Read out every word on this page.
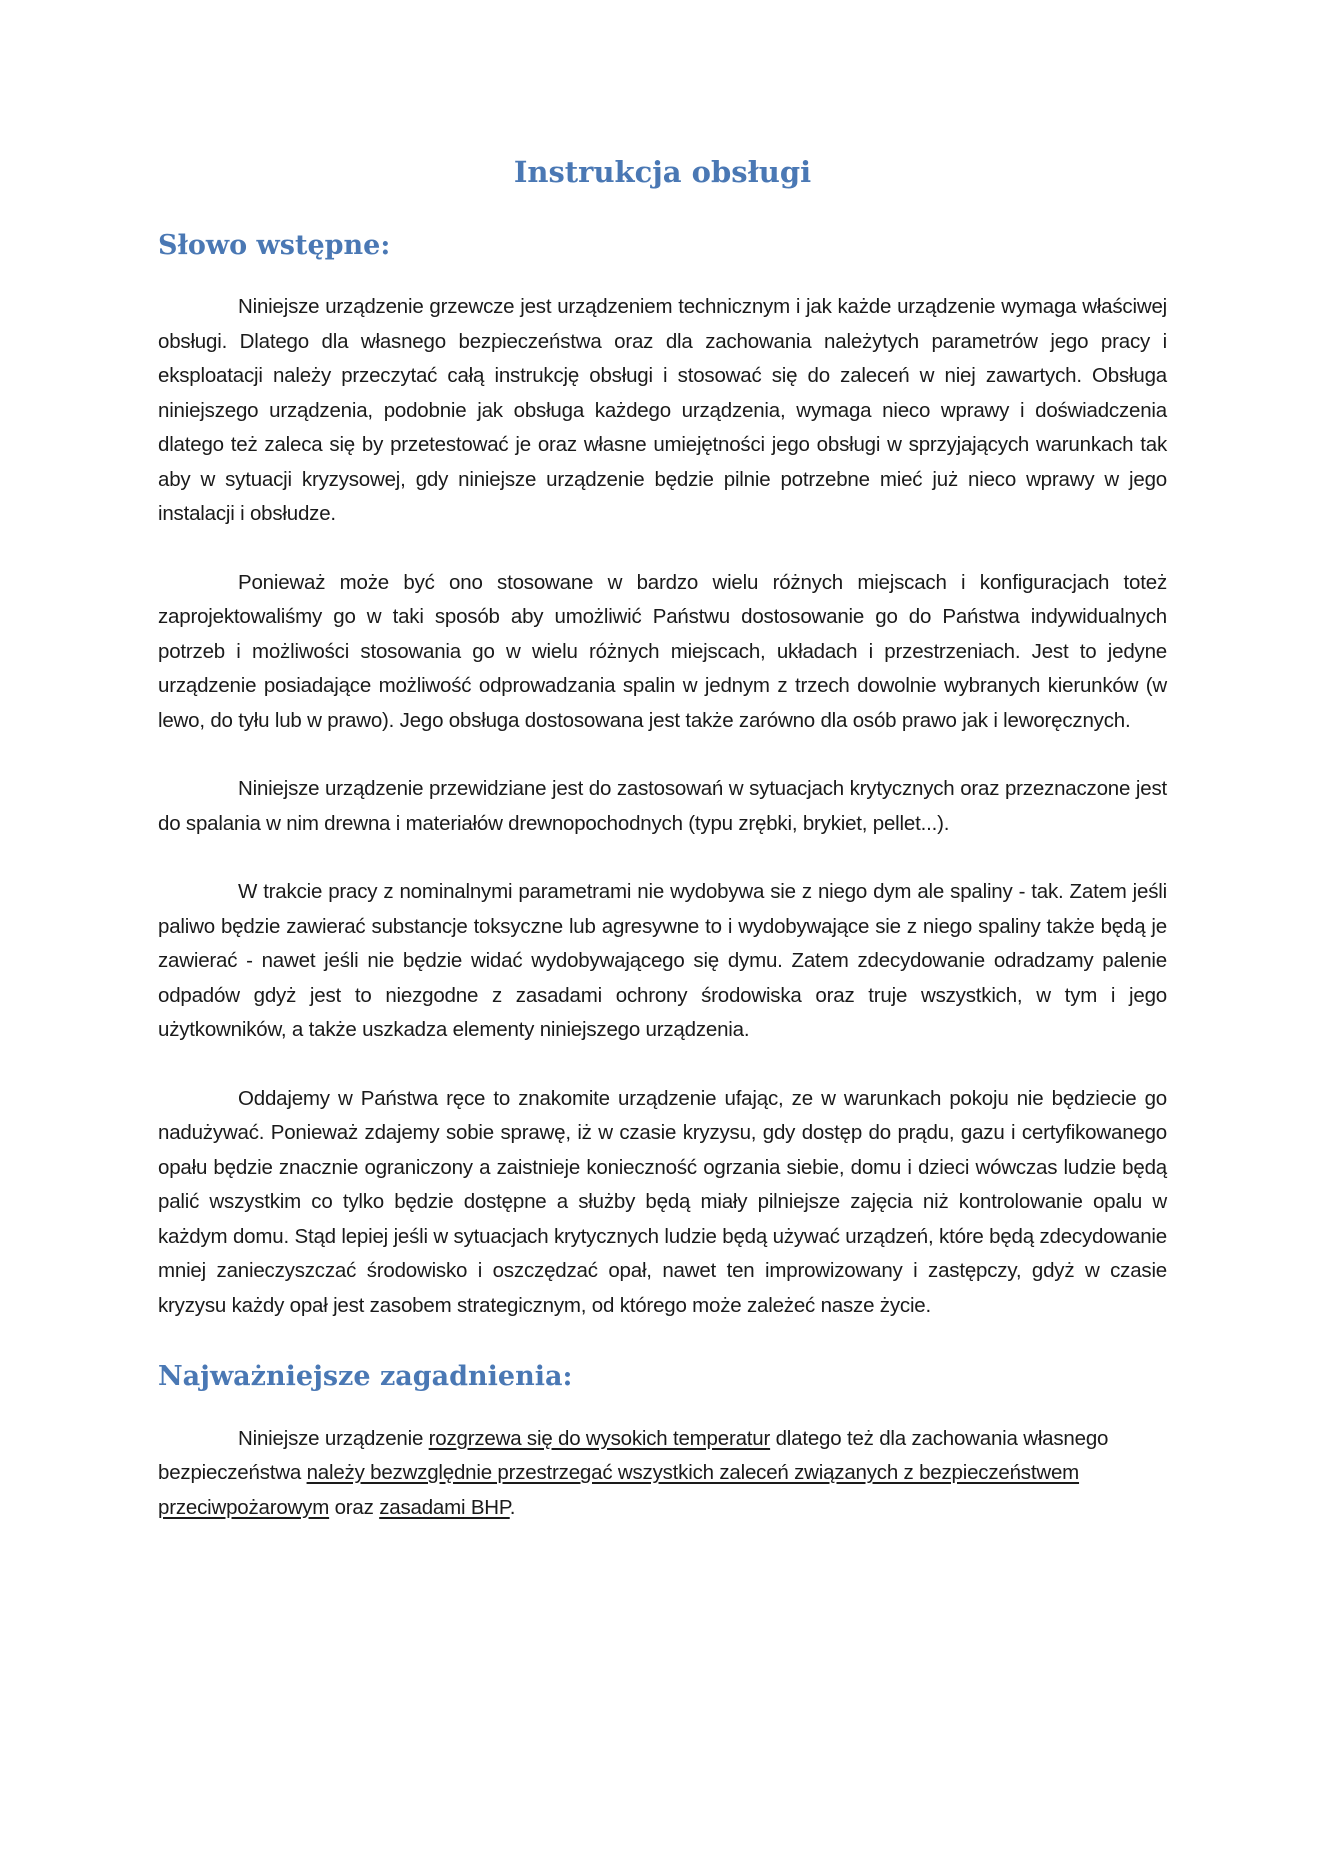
Instrukcja obsługi
Słowo wstępne:

Niniejsze urządzenie grzewcze jest urządzeniem technicznym i jak każde urządzenie wymaga właściwej obsługi. Dlatego dla własnego bezpieczeństwa oraz dla zachowania należytych parametrów jego pracy i eksploatacji należy przeczytać całą instrukcję obsługi i stosować się do zaleceń w niej zawartych. Obsługa niniejszego urządzenia, podobnie jak obsługa każdego urządzenia, wymaga nieco wprawy i doświadczenia dlatego też zaleca się by przetestować je oraz własne umiejętności jego obsługi w sprzyjających warunkach tak aby w sytuacji kryzysowej, gdy niniejsze urządzenie będzie pilnie potrzebne mieć już nieco wprawy w jego instalacji i obsłudze.

Ponieważ może być ono stosowane w bardzo wielu różnych miejscach i konfiguracjach toteż zaprojektowaliśmy go w taki sposób aby umożliwić Państwu dostosowanie go do Państwa indywidualnych potrzeb i możliwości stosowania go w wielu różnych miejscach, układach i przestrzeniach. Jest to jedyne urządzenie posiadające możliwość odprowadzania spalin w jednym z trzech dowolnie wybranych kierunków (w lewo, do tyłu lub w prawo). Jego obsługa dostosowana jest także zarówno dla osób prawo jak i leworęcznych.

Niniejsze urządzenie przewidziane jest do zastosowań w sytuacjach krytycznych oraz przeznaczone jest do spalania w nim drewna i materiałów drewnopochodnych (typu zrębki, brykiet, pellet...).

W trakcie pracy z nominalnymi parametrami nie wydobywa sie z niego dym ale spaliny - tak. Zatem jeśli paliwo będzie zawierać substancje toksyczne lub agresywne to i wydobywające sie z niego spaliny także będą je zawierać - nawet jeśli nie będzie widać wydobywającego się dymu. Zatem zdecydowanie odradzamy palenie odpadów gdyż jest to niezgodne z zasadami ochrony środowiska oraz truje wszystkich, w tym i jego użytkowników, a także uszkadza elementy niniejszego urządzenia.

Oddajemy w Państwa ręce to znakomite urządzenie ufając, ze w warunkach pokoju nie będziecie go nadużywać. Ponieważ zdajemy sobie sprawę, iż w czasie kryzysu, gdy dostęp do prądu, gazu i certyfikowanego opału będzie znacznie ograniczony a zaistnieje konieczność ogrzania siebie, domu i dzieci wówczas ludzie będą palić wszystkim co tylko będzie dostępne a służby będą miały pilniejsze zajęcia niż kontrolowanie opalu w każdym domu. Stąd lepiej jeśli w sytuacjach krytycznych ludzie będą używać urządzeń, które będą zdecydowanie mniej zanieczyszczać środowisko i oszczędzać opał, nawet ten improwizowany i zastępczy, gdyż w czasie kryzysu każdy opał jest zasobem strategicznym, od którego może zależeć nasze życie.

Najważniejsze zagadnienia:

Niniejsze urządzenie rozgrzewa się do wysokich temperatur dlatego też dla zachowania własnego bezpieczeństwa należy bezwzględnie przestrzegać wszystkich zaleceń związanych z bezpieczeństwem przeciwpożarowym oraz zasadami BHP.
